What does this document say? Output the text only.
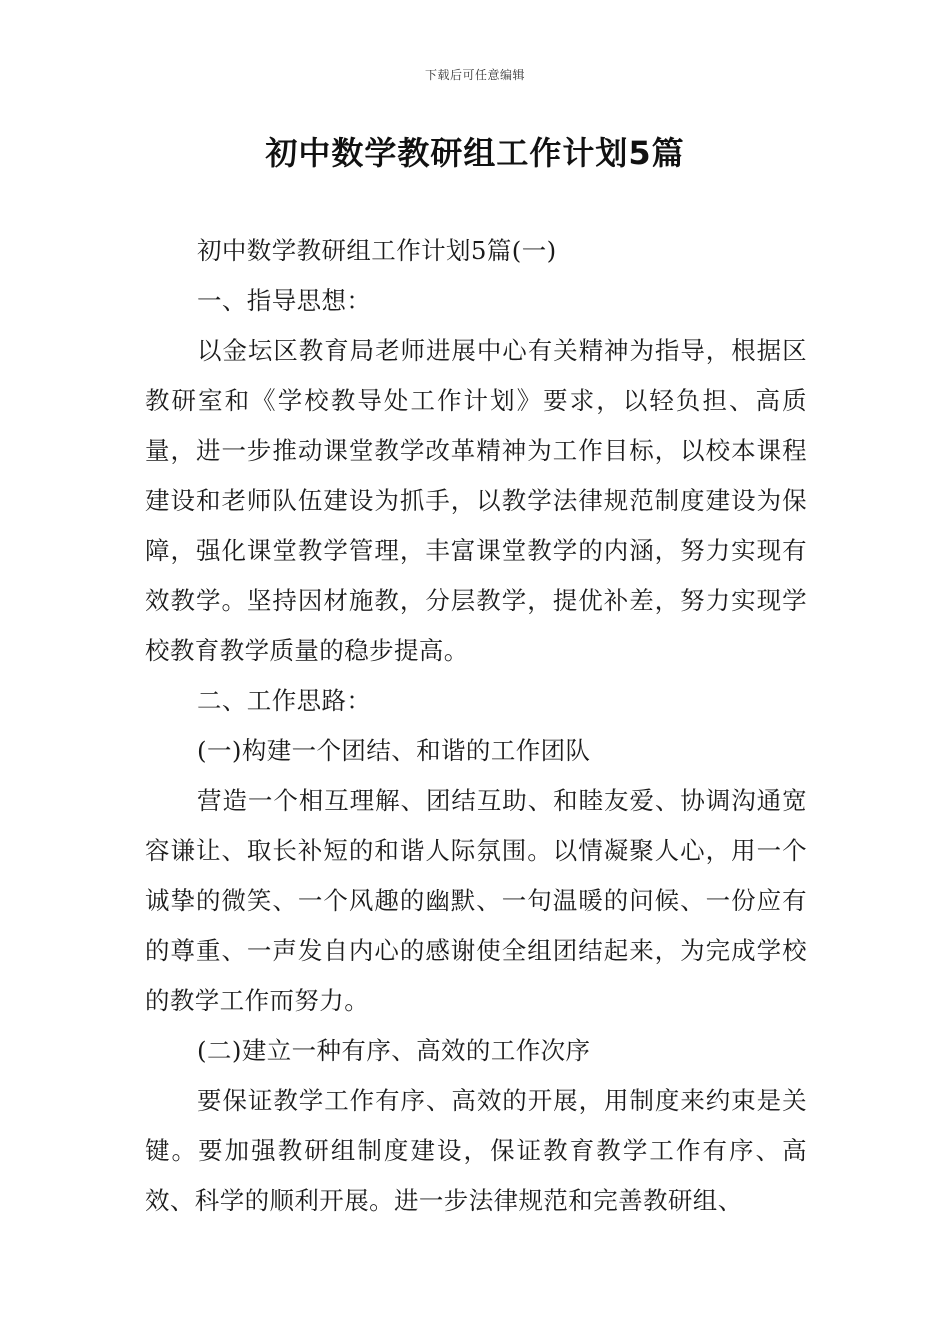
下载后可任意编辑
初中数学教研组工作计划5篇

初中数学教研组工作计划5篇(一)

一、指导思想：

以金坛区教育局老师进展中心有关精神为指导，根据区教研室和《学校教导处工作计划》要求，以轻负担、高质量，进一步推动课堂教学改革精神为工作目标，以校本课程建设和老师队伍建设为抓手，以教学法律规范制度建设为保障，强化课堂教学管理，丰富课堂教学的内涵，努力实现有效教学。坚持因材施教，分层教学，提优补差，努力实现学校教育教学质量的稳步提高。

二、工作思路：

(一)构建一个团结、和谐的工作团队

营造一个相互理解、团结互助、和睦友爱、协调沟通宽容谦让、取长补短的和谐人际氛围。以情凝聚人心，用一个诚挚的微笑、一个风趣的幽默、一句温暖的问候、一份应有的尊重、一声发自内心的感谢使全组团结起来，为完成学校的教学工作而努力。

(二)建立一种有序、高效的工作次序

要保证教学工作有序、高效的开展，用制度来约束是关键。要加强教研组制度建设，保证教育教学工作有序、高效、科学的顺利开展。进一步法律规范和完善教研组、
